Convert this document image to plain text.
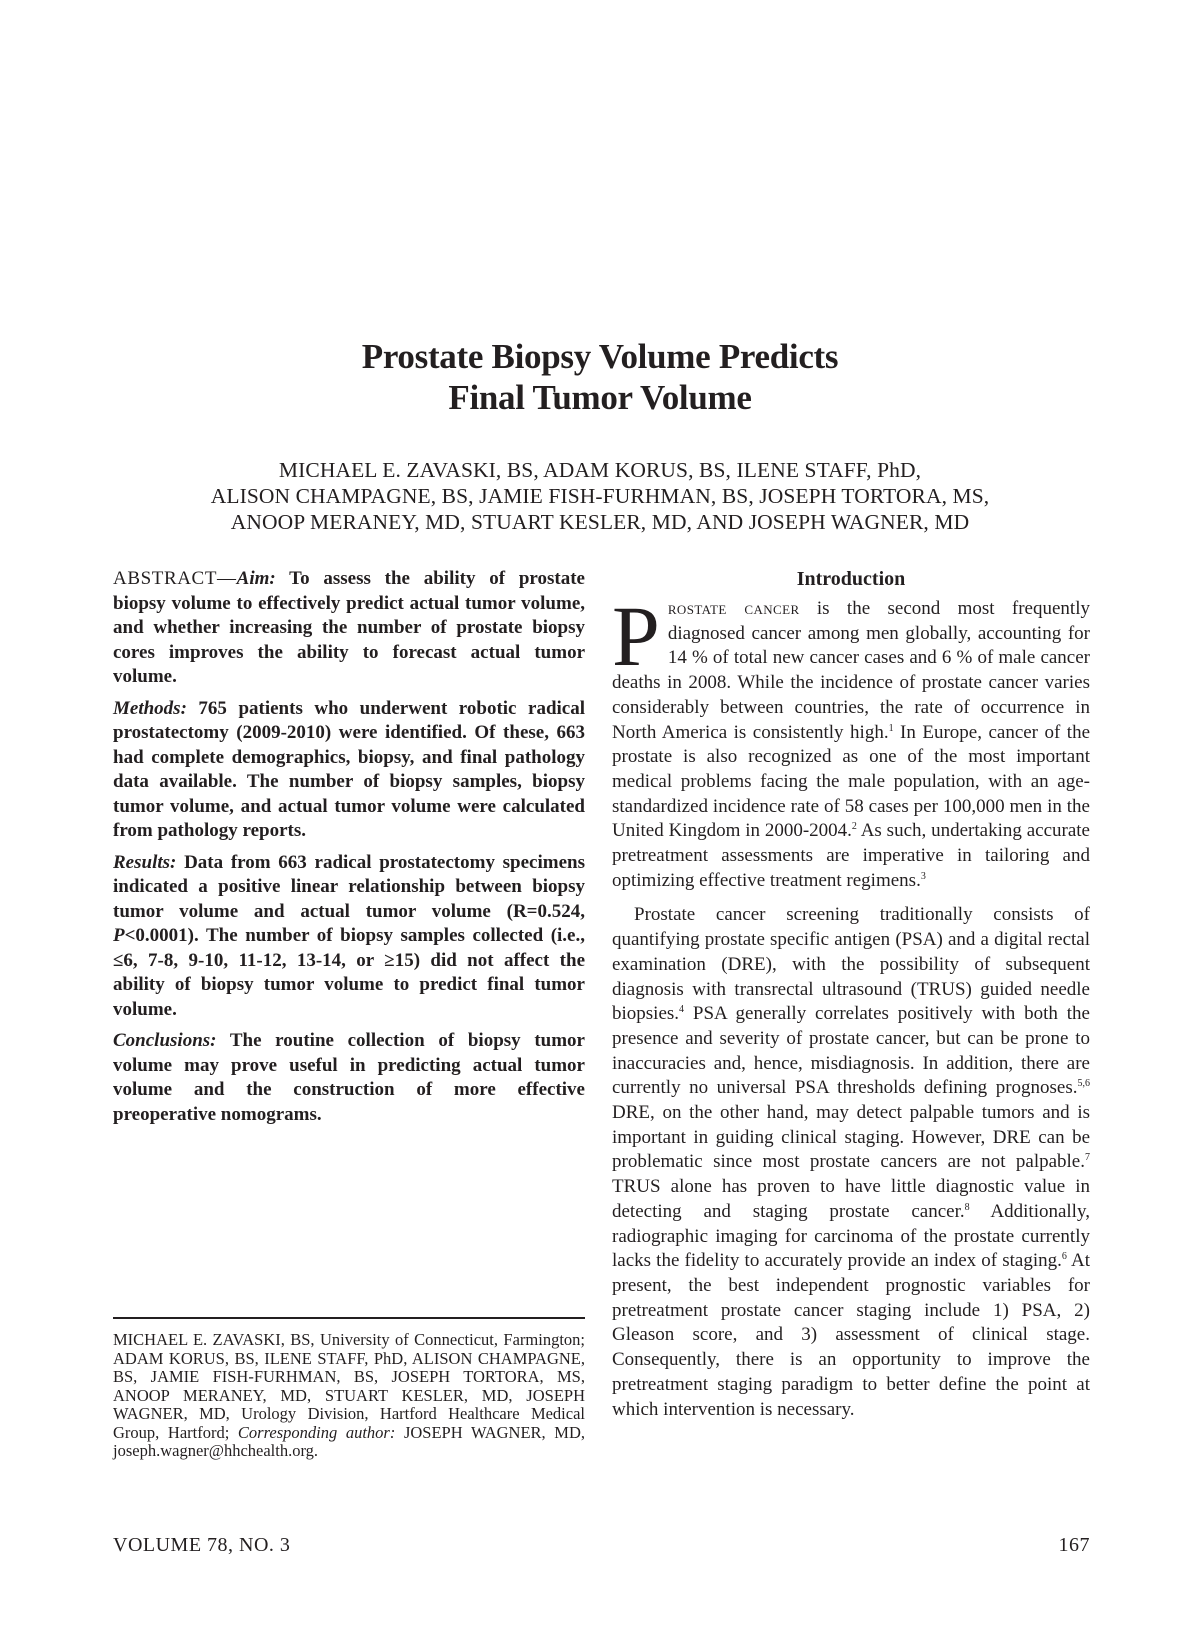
Prostate Biopsy Volume Predicts
Final Tumor Volume
MICHAEL E. ZAVASKI, BS, ADAM KORUS, BS, ILENE STAFF, PhD,
ALISON CHAMPAGNE, BS, JAMIE FISH-FURHMAN, BS, JOSEPH TORTORA, MS,
ANOOP MERANEY, MD, STUART KESLER, MD, AND JOSEPH WAGNER, MD

ABSTRACT—Aim: To assess the ability of prostate biopsy volume to effectively predict actual tumor volume, and whether increasing the number of prostate biopsy cores improves the ability to forecast actual tumor volume.

Methods: 765 patients who underwent robotic radical prostatectomy (2009-2010) were identified. Of these, 663 had complete demographics, biopsy, and final pathology data available. The number of biopsy samples, biopsy tumor volume, and actual tumor volume were calculated from pathology reports.

Results: Data from 663 radical prostatectomy specimens indicated a positive linear relationship between biopsy tumor volume and actual tumor volume (R=0.524, P<0.0001). The number of biopsy samples collected (i.e., ≤6, 7-8, 9-10, 11-12, 13-14, or ≥15) did not affect the ability of biopsy tumor volume to predict final tumor volume.

Conclusions: The routine collection of biopsy tumor volume may prove useful in predicting actual tumor volume and the construction of more effective preoperative nomograms.

MICHAEL E. ZAVASKI, BS, University of Connecticut, Farmington; ADAM KORUS, BS, ILENE STAFF, PhD, ALISON CHAMPAGNE, BS, JAMIE FISH-FURHMAN, BS, JOSEPH TORTORA, MS, ANOOP MERANEY, MD, STUART KESLER, MD, JOSEPH WAGNER, MD, Urology Division, Hartford Healthcare Medical Group, Hartford; Corresponding author: JOSEPH WAGNER, MD, joseph.wagner@hhchealth.org.
Introduction

Prostate cancer is the second most frequently diagnosed cancer among men globally, accounting for 14 % of total new cancer cases and 6 % of male cancer deaths in 2008. While the incidence of prostate cancer varies considerably between countries, the rate of occurrence in North America is consistently high.$^1$ In Europe, cancer of the prostate is also recognized as one of the most important medical problems facing the male population, with an age-standardized incidence rate of 58 cases per 100,000 men in the United Kingdom in 2000-2004.$^2$ As such, undertaking accurate pretreatment assessments are imperative in tailoring and optimizing effective treatment regimens.$^3$

Prostate cancer screening traditionally consists of quantifying prostate specific antigen (PSA) and a digital rectal examination (DRE), with the possibility of subsequent diagnosis with transrectal ultrasound (TRUS) guided needle biopsies.$^4$ PSA generally correlates positively with both the presence and severity of prostate cancer, but can be prone to inaccuracies and, hence, misdiagnosis. In addition, there are currently no universal PSA thresholds defining prognoses.$^{5,6}$ DRE, on the other hand, may detect palpable tumors and is important in guiding clinical staging. However, DRE can be problematic since most prostate cancers are not palpable.$^7$ TRUS alone has proven to have little diagnostic value in detecting and staging prostate cancer.$^8$ Additionally, radiographic imaging for carcinoma of the prostate currently lacks the fidelity to accurately provide an index of staging.$^6$ At present, the best independent prognostic variables for pretreatment prostate cancer staging include 1) PSA, 2) Gleason score, and 3) assessment of clinical stage. Consequently, there is an opportunity to improve the pretreatment staging paradigm to better define the point at which intervention is necessary.

VOLUME 78, NO. 3	167
